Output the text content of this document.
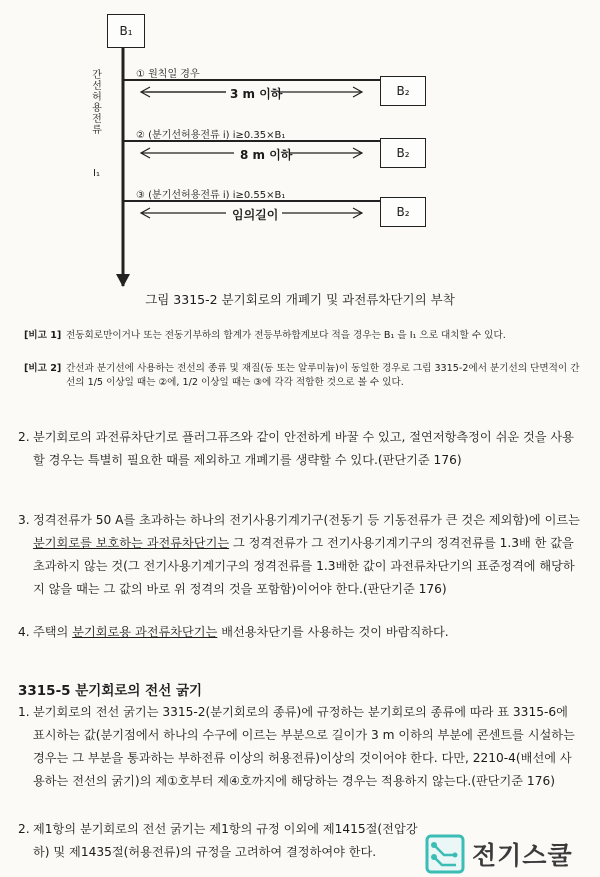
B₁
B₂
B₂
B₂
간선 허용전류
I₁
① 원칙일 경우
② (분기선허용전류 i) i≥0.35×B₁
③ (분기선허용전류 i) i≥0.55×B₁
3 m 이하
8 m 이하
임의길이
그림 3315-2 분기회로의 개폐기 및 과전류차단기의 부착
[비고 1] 전동회로만이거나 또는 전동기부하의 합계가 전등부하합계보다 적을 경우는 B₁ 을 I₁ 으로 대치할 수 있다.
[비고 2] 간선과 분기선에 사용하는 전선의 종류 및 재질(동 또는 알루미늄)이 동일한 경우로 그림 3315-2에서 분기선의 단면적이 간선의 1/5 이상일 때는 ②에, 1/2 이상일 때는 ③에 각각 적합한 것으로 볼 수 있다.
2. 분기회로의 과전류차단기로 플러그퓨즈와 같이 안전하게 바꿀 수 있고, 절연저항측정이 쉬운 것을 사용할 경우는 특별히 필요한 때를 제외하고 개폐기를 생략할 수 있다.(판단기준 176)
3. 정격전류가 50 A를 초과하는 하나의 전기사용기계기구(전동기 등 기동전류가 큰 것은 제외함)에 이르는 분기회로를 보호하는 과전류차단기는 그 정격전류가 그 전기사용기계기구의 정격전류를 1.3배 한 값을 초과하지 않는 것(그 전기사용기계기구의 정격전류를 1.3배한 값이 과전류차단기의 표준정격에 해당하지 않을 때는 그 값의 바로 위 정격의 것을 포함함)이어야 한다.(판단기준 176)
4. 주택의 분기회로용 과전류차단기는 배선용차단기를 사용하는 것이 바람직하다.
3315-5 분기회로의 전선 굵기
1. 분기회로의 전선 굵기는 3315-2(분기회로의 종류)에 규정하는 분기회로의 종류에 따라 표 3315-6에 표시하는 값(분기점에서 하나의 수구에 이르는 부분으로 길이가 3 m 이하의 부분에 콘센트를 시설하는 경우는 그 부분을 통과하는 부하전류 이상의 허용전류)이상의 것이어야 한다. 다만, 2210-4(배선에 사용하는 전선의 굵기)의 제①호부터 제④호까지에 해당하는 경우는 적용하지 않는다.(판단기준 176)
2. 제1항의 분기회로의 전선 굵기는 제1항의 규정 이외에 제1415절(전압강하) 및 제1435절(허용전류)의 규정을 고려하여 결정하여야 한다.	전기스쿨
